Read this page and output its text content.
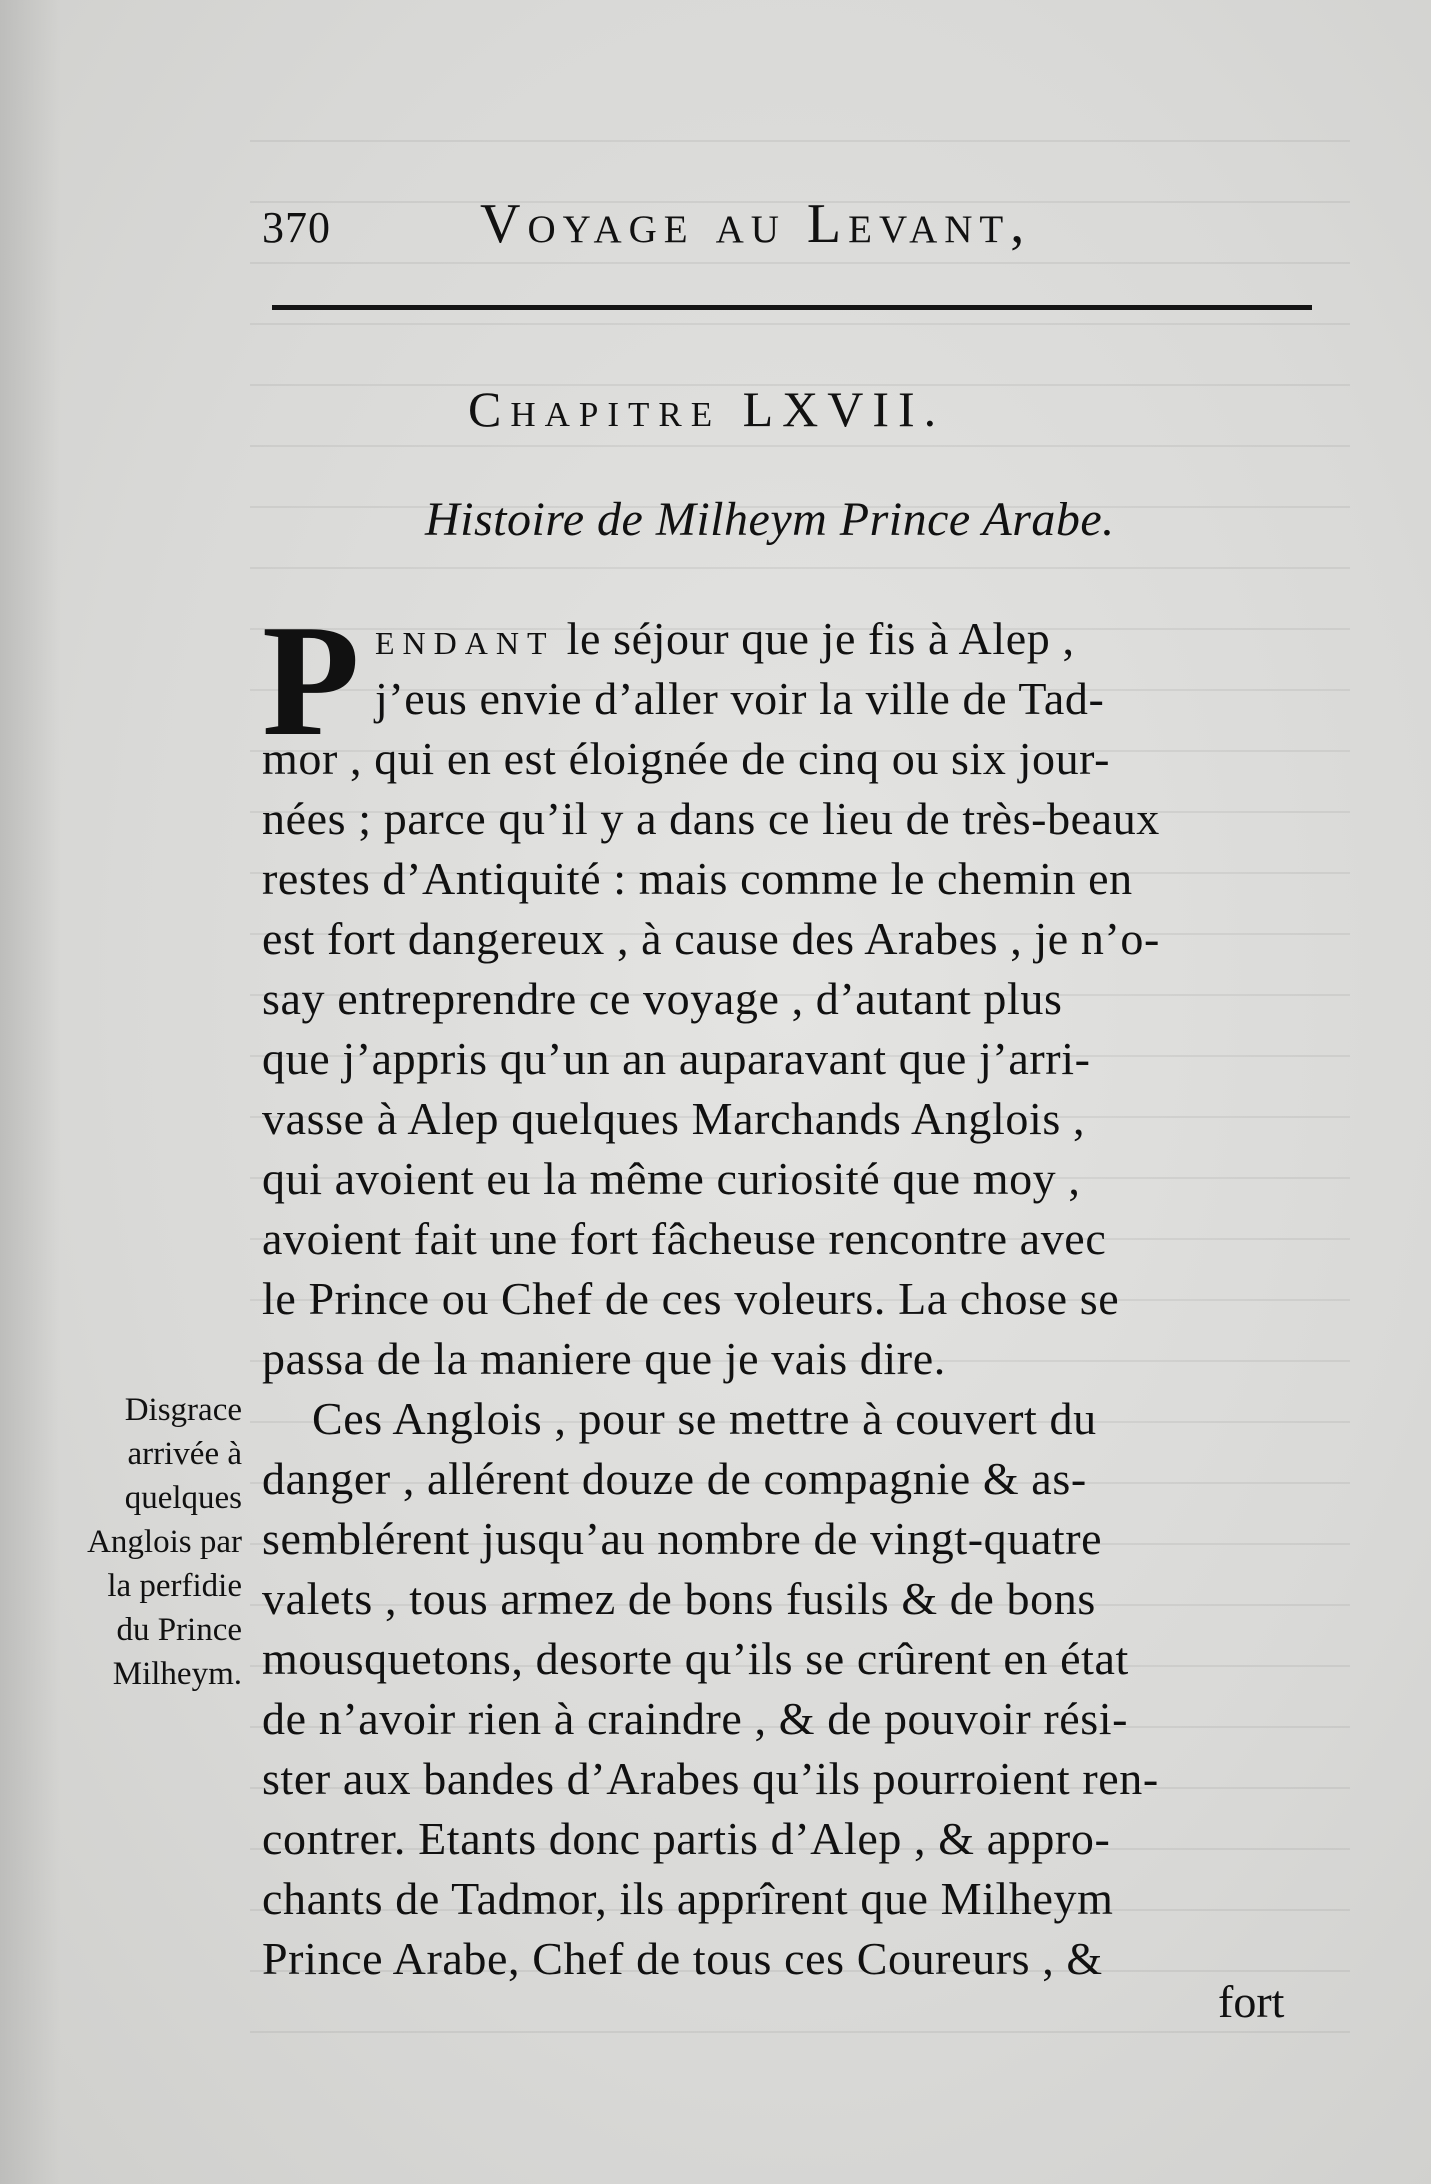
370	Voyage au Levant,
Chapitre LXVII.
Histoire de Milheym Prince Arabe.
P endant le séjour que je fis à Alep ,
j’eus envie d’aller voir la ville de Tad-
mor , qui en est éloignée de cinq ou six jour-
nées ; parce qu’il y a dans ce lieu de très-beaux
restes d’Antiquité : mais comme le chemin en
est fort dangereux , à cause des Arabes , je n’o-
say entreprendre ce voyage , d’autant plus
que j’appris qu’un an auparavant que j’arri-
vasse à Alep quelques Marchands Anglois ,
qui avoient eu la même curiosité que moy ,
avoient fait une fort fâcheuse rencontre avec
le Prince ou Chef de ces voleurs. La chose se
passa de la maniere que je vais dire.
Ces Anglois , pour se mettre à couvert du
danger , allérent douze de compagnie & as-
semblérent jusqu’au nombre de vingt-quatre
valets , tous armez de bons fusils & de bons
mousquetons, desorte qu’ils se crûrent en état
de n’avoir rien à craindre , & de pouvoir rési-
ster aux bandes d’Arabes qu’ils pourroient ren-
contrer. Etants donc partis d’Alep , & appro-
chants de Tadmor, ils apprîrent que Milheym
Prince Arabe, Chef de tous ces Coureurs , &
fort
Disgrace
arrivée à
quelques
Anglois par
la perfidie
du Prince
Milheym.
